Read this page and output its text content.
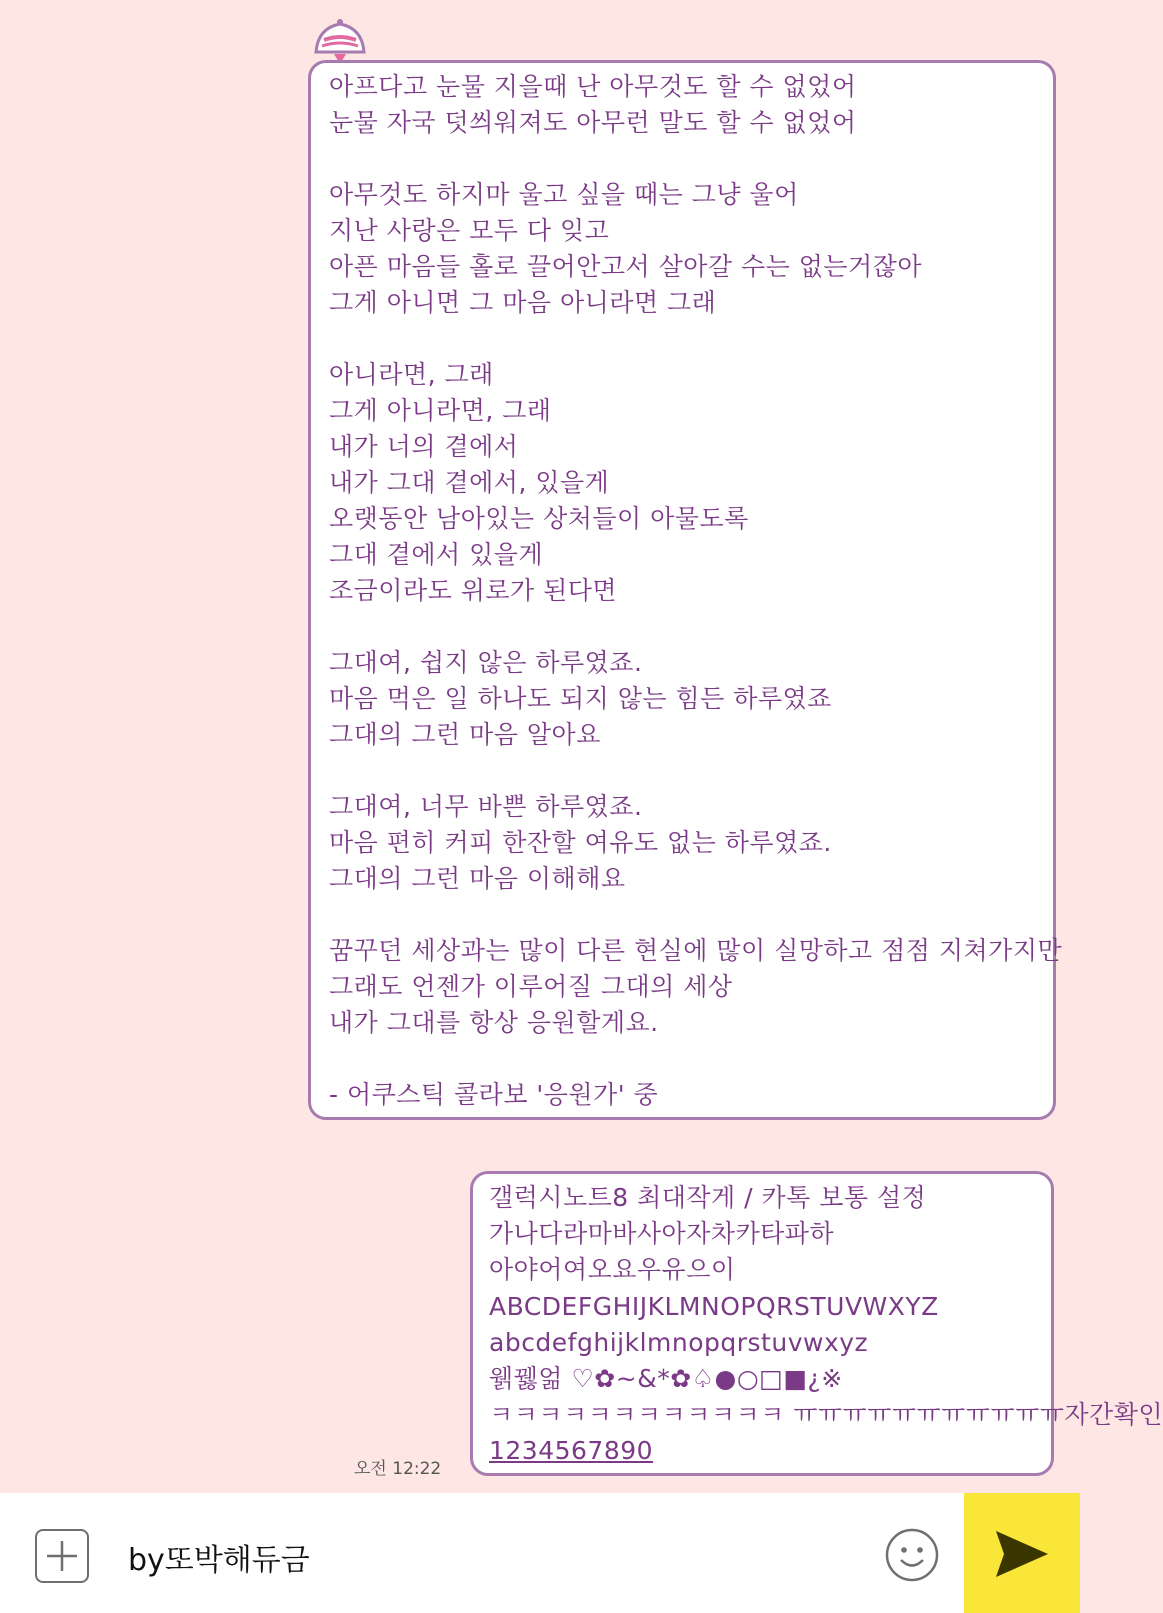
아프다고 눈물 지을때 난 아무것도 할 수 없었어
눈물 자국 덧씌워져도 아무런 말도 할 수 없었어
아무것도 하지마 울고 싶을 때는 그냥 울어
지난 사랑은 모두 다 잊고
아픈 마음들 홀로 끌어안고서 살아갈 수는 없는거잖아
그게 아니면 그 마음 아니라면 그래
아니라면, 그래
그게 아니라면, 그래
내가 너의 곁에서
내가 그대 곁에서, 있을게
오랫동안 남아있는 상처들이 아물도록
그대 곁에서 있을게
조금이라도 위로가 된다면
그대여, 쉽지 않은 하루였죠.
마음 먹은 일 하나도 되지 않는 힘든 하루였죠
그대의 그런 마음 알아요
그대여, 너무 바쁜 하루였죠.
마음 편히 커피 한잔할 여유도 없는 하루였죠.
그대의 그런 마음 이해해요
꿈꾸던 세상과는 많이 다른 현실에 많이 실망하고 점점 지쳐가지만
그래도 언젠가 이루어질 그대의 세상
내가 그대를 항상 응원할게요.
- 어쿠스틱 콜라보 '응원가' 중
갤럭시노트8 최대작게 / 카톡 보통 설정
가나다라마바사아자차카타파하
아야어여오요우유으이
ABCDEFGHIJKLMNOPQRSTUVWXYZ
abcdefghijklmnopqrstuvwxyz
웱꿿얾 ♡✿~&*✿♤●○□■¿※
ㅋㅋㅋㅋㅋㅋㅋㅋㅋㅋㅋㅋ ㅠㅠㅠㅠㅠㅠㅠㅠㅠㅠㅠ자간확인
1234567890
오전 12:22
by또박해듀금
